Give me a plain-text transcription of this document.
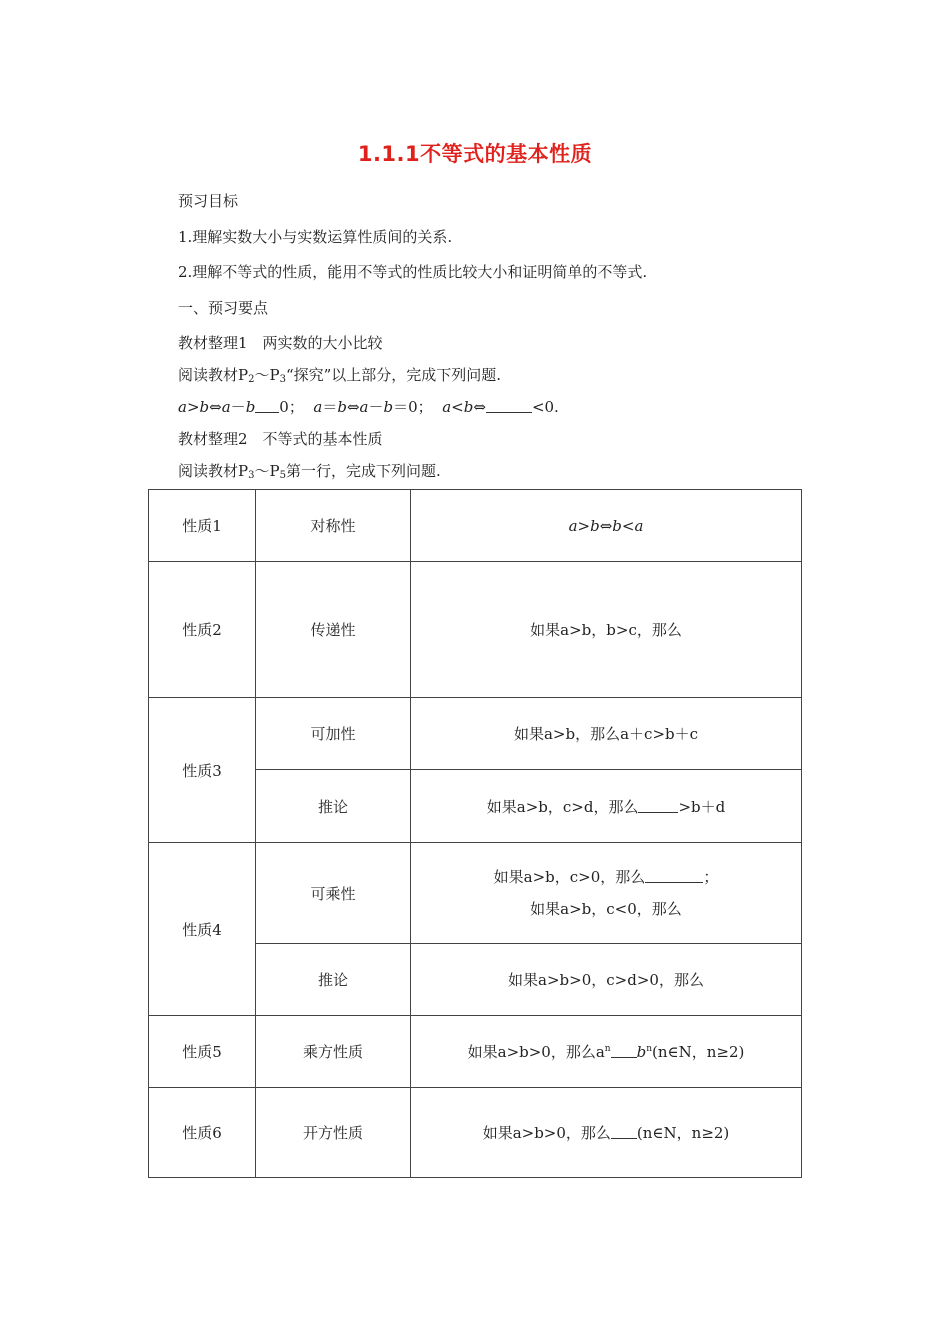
1.1.1不等式的基本性质
预习目标
1.理解实数大小与实数运算性质间的关系.
2.理解不等式的性质，能用不等式的性质比较大小和证明简单的不等式.
一、预习要点
教材整理1　两实数的大小比较
阅读教材$P_2\sim P_3“$探究”以上部分，完成下列问题.
a>b⇔a－b 0； a＝b⇔a－b＝0； a<b⇔	<0.
教材整理2　不等式的基本性质
阅读教材$P_3\sim P_5$第一行，完成下列问题.
性质1	对称性	a>b⇔b<a
性质2	传递性	如果a>b，b>c，那么
性质3	可加性	如果a>b，那么a＋c>b＋c
	推论	如果a>b，c>d，那么 >b＋d
性质4	可乘性	如果a>b，c>0，那么 ；
如果a>b，c<0，那么

	推论	如果a>b>0，c>d>0，那么
性质5	乘方性质	如果a>b>0，那么$a^n$ $b^n(n\in N$，n≥2)
性质6	开方性质	如果a>b>0，那么 (n∈N，n≥2)
